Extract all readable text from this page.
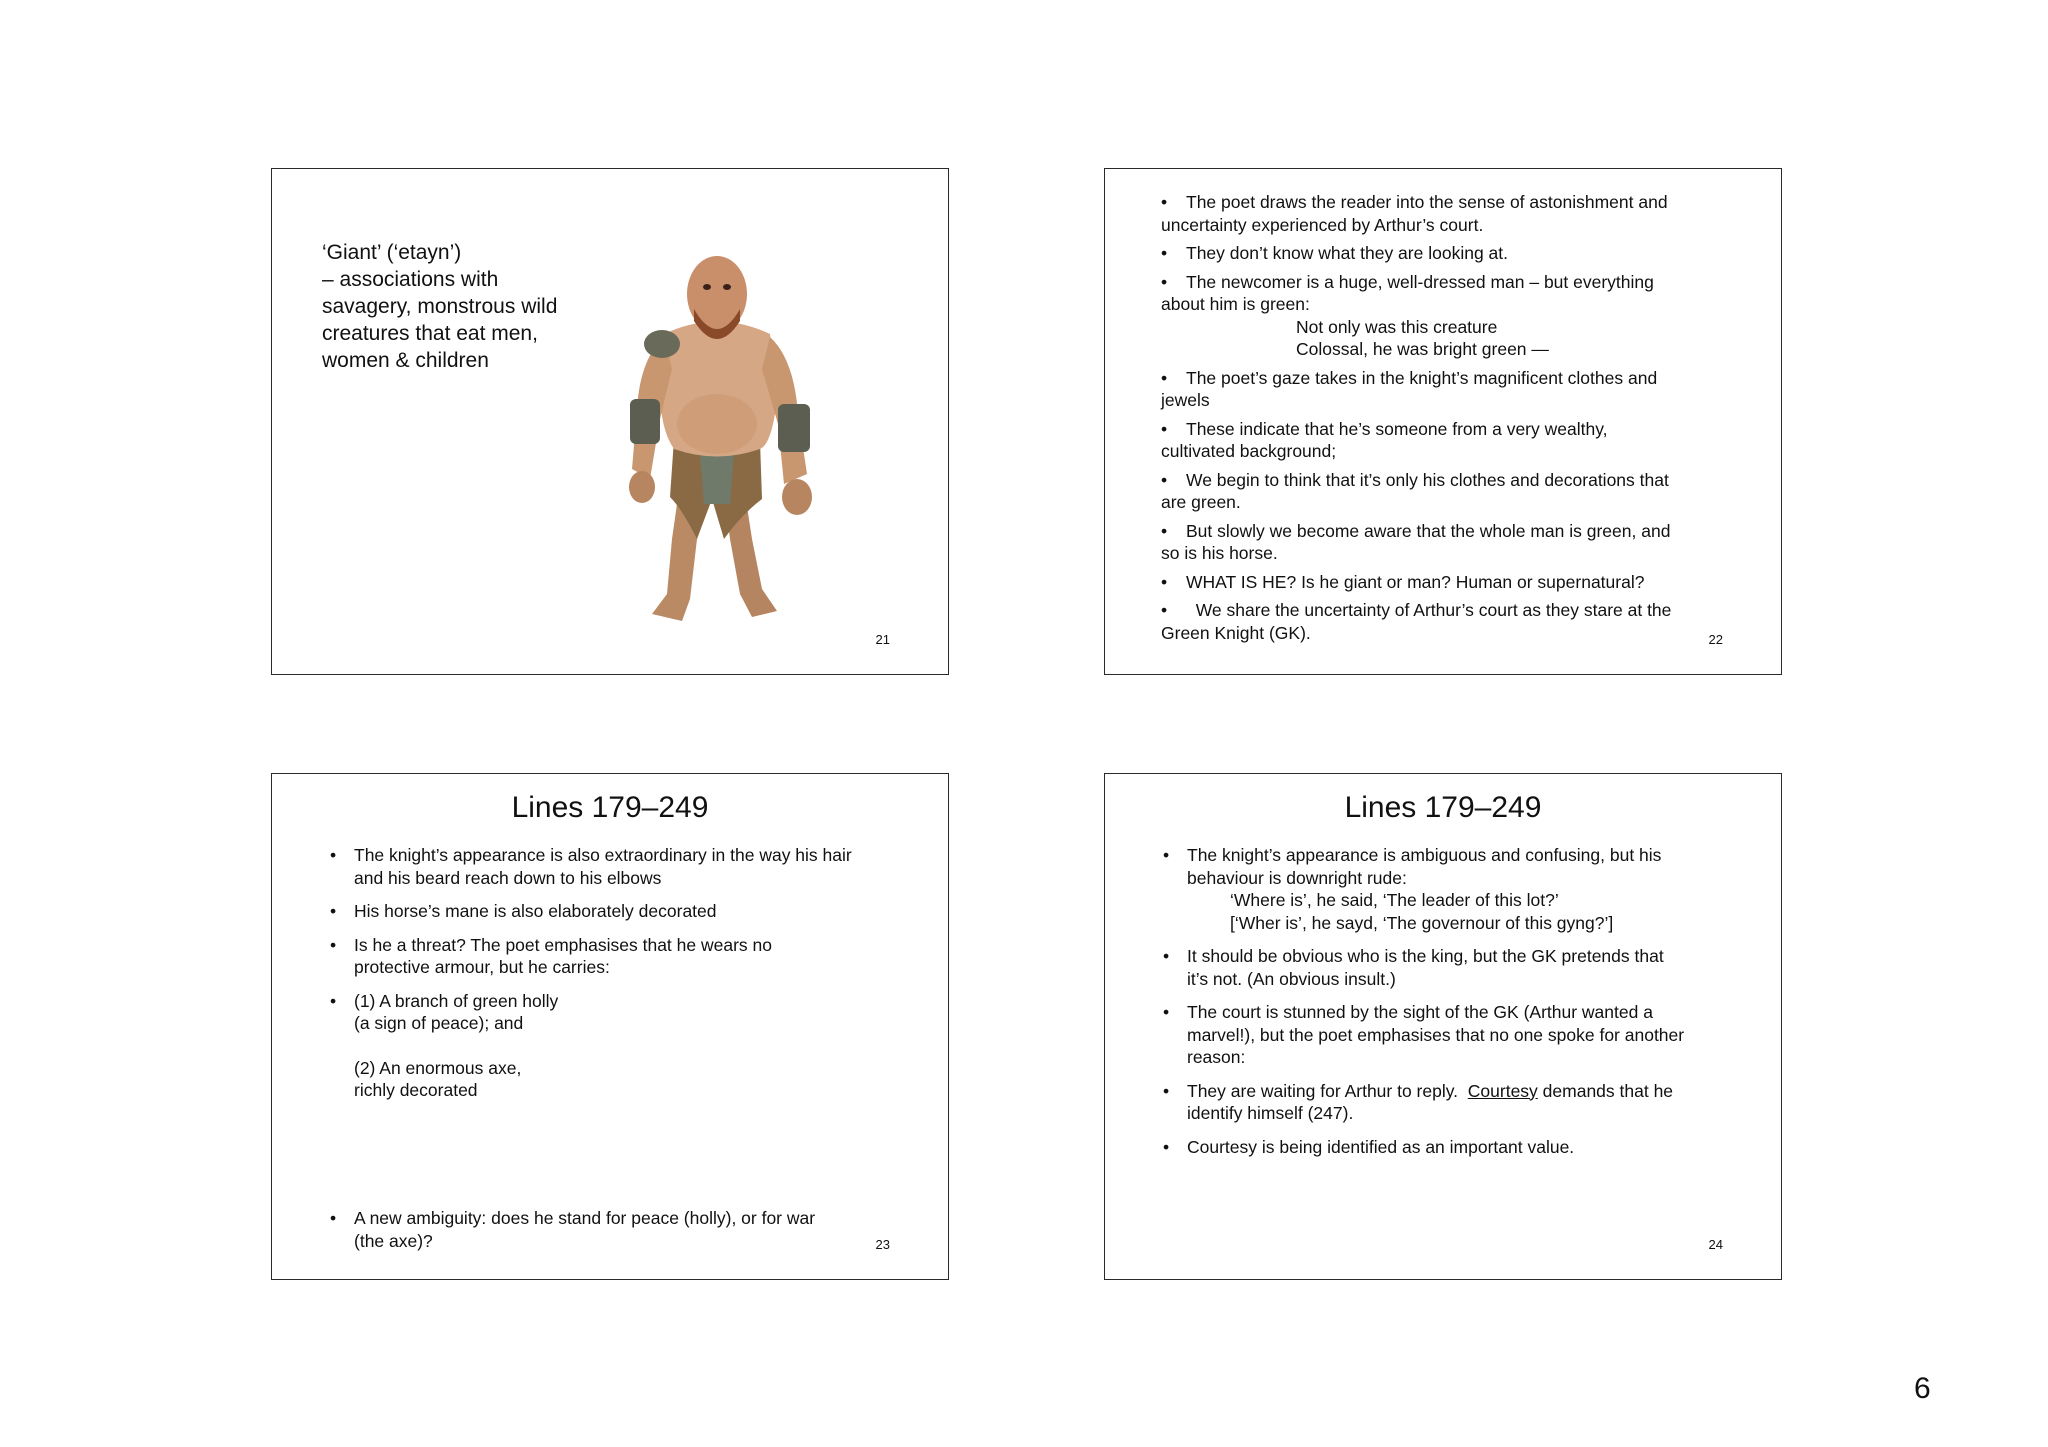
‘Giant’ (‘etayn’)
– associations with
savagery, monstrous wild
creatures that eat men,
women & children
21
• The poet draws the reader into the sense of astonishment and
uncertainty experienced by Arthur’s court.
• They don’t know what they are looking at.
• The newcomer is a huge, well-dressed man – but everything
about him is green:
Not only was this creature
Colossal, he was bright green —
• The poet’s gaze takes in the knight’s magnificent clothes and
jewels
• These indicate that he’s someone from a very wealthy,
cultivated background;
• We begin to think that it’s only his clothes and decorations that
are green.
• But slowly we become aware that the whole man is green, and
so is his horse.
• WHAT IS HE? Is he giant or man? Human or supernatural?
• We share the uncertainty of Arthur’s court as they stare at the
Green Knight (GK).	22
Lines 179–249
• The knight’s appearance is also extraordinary in the way his hair
and his beard reach down to his elbows
• His horse’s mane is also elaborately decorated
• Is he a threat? The poet emphasises that he wears no
protective armour, but he carries:
• (1) A branch of green holly
(a sign of peace); and
(2) An enormous axe,
richly decorated
• A new ambiguity: does he stand for peace (holly), or for war
(the axe)?	23
Lines 179–249
• The knight’s appearance is ambiguous and confusing, but his
behaviour is downright rude:
‘Where is’, he said, ‘The leader of this lot?’
[‘Wher is’, he sayd, ‘The governour of this gyng?’]
• It should be obvious who is the king, but the GK pretends that
it’s not. (An obvious insult.)
• The court is stunned by the sight of the GK (Arthur wanted a
marvel!), but the poet emphasises that no one spoke for another
reason:
• They are waiting for Arthur to reply.  Courtesy demands that he
identify himself (247).
• Courtesy is being identified as an important value.
24
6
